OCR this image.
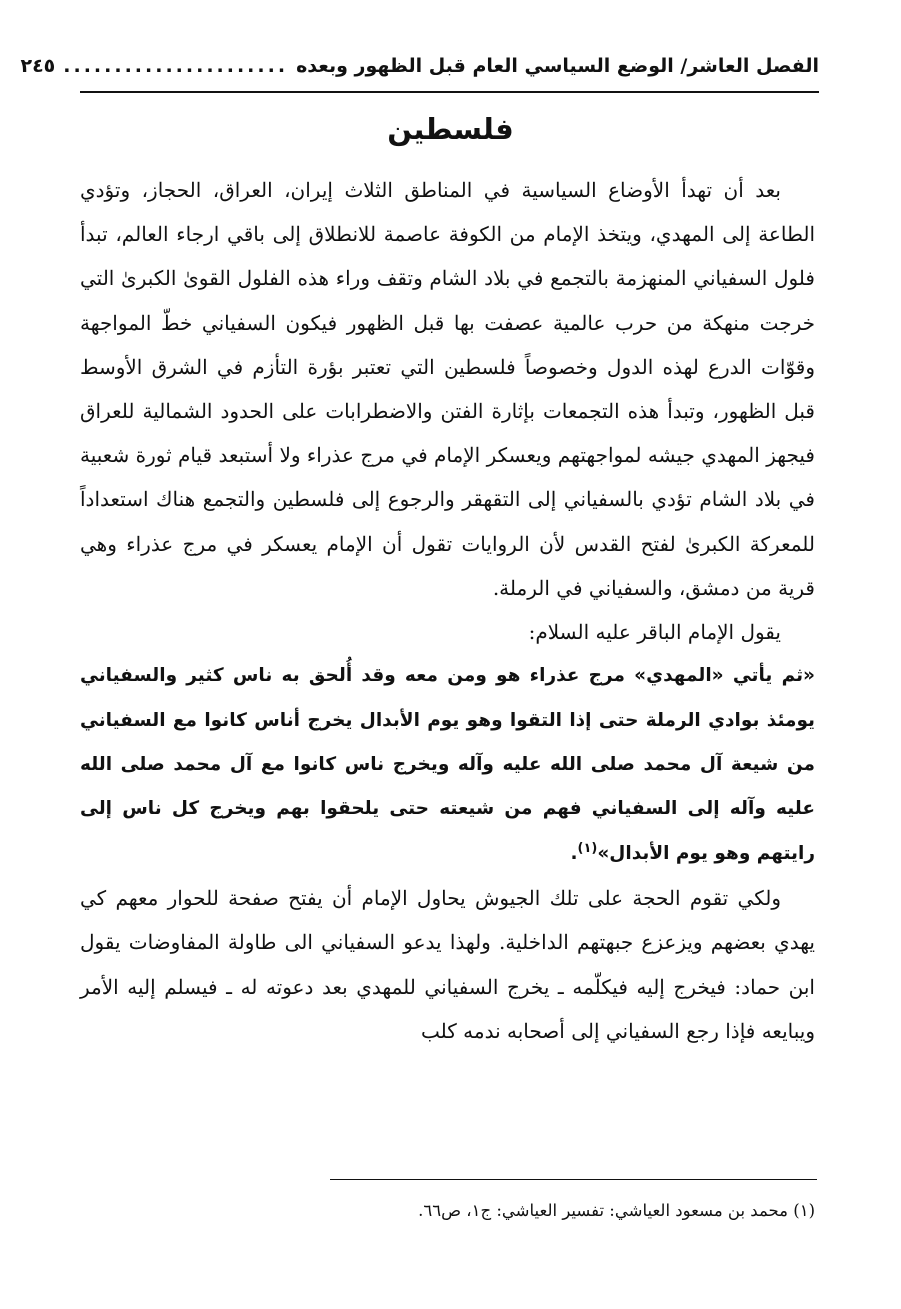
الفصل العاشر/ الوضع السياسي العام قبل الظهور وبعده
......................
٢٤٥
فلسطين

بعد أن تهدأ الأوضاع السياسية في المناطق الثلاث إيران، العراق، الحجاز، وتؤدي الطاعة إلى المهدي، ويتخذ الإمام من الكوفة عاصمة للانطلاق إلى باقي ارجاء العالم، تبدأ فلول السفياني المنهزمة بالتجمع في بلاد الشام وتقف وراء هذه الفلول القوىٰ الكبرىٰ التي خرجت منهكة من حرب عالمية عصفت بها قبل الظهور فيكون السفياني خطّ المواجهة وقوّات الدرع لهذه الدول وخصوصاً فلسطين التي تعتبر بؤرة التأزم في الشرق الأوسط قبل الظهور، وتبدأ هذه التجمعات بإثارة الفتن والاضطرابات على الحدود الشمالية للعراق فيجهز المهدي جيشه لمواجهتهم ويعسكر الإمام في مرج عذراء ولا أستبعد قيام ثورة شعبية في بلاد الشام تؤدي بالسفياني إلى التقهقر والرجوع إلى فلسطين والتجمع هناك استعداداً للمعركة الكبرىٰ لفتح القدس لأن الروايات تقول أن الإمام يعسكر في مرج عذراء وهي قرية من دمشق، والسفياني في الرملة.

يقول الإمام الباقر عليه السلام:

«ثم يأتي «المهدي» مرج عذراء هو ومن معه وقد أُلحق به ناس كثير والسفياني يومئذ بوادي الرملة حتى إذا التقوا وهو يوم الأبدال يخرج أناس كانوا مع السفياني من شيعة آل محمد صلى الله عليه وآله ويخرج ناس كانوا مع آل محمد صلى الله عليه وآله إلى السفياني فهم من شيعته حتى يلحقوا بهم ويخرج كل ناس إلى رايتهم وهو يوم الأبدال»$^{(١)}$.

ولكي تقوم الحجة على تلك الجيوش يحاول الإمام أن يفتح صفحة للحوار معهم كي يهدي بعضهم ويزعزع جبهتهم الداخلية. ولهذا يدعو السفياني الى طاولة المفاوضات يقول ابن حماد: فيخرج إليه فيكلّمه ـ يخرج السفياني للمهدي بعد دعوته له ـ فيسلم إليه الأمر ويبايعه فإذا رجع السفياني إلى أصحابه ندمه كلب

(١) محمد بن مسعود العياشي: تفسير العياشي: ج١، ص٦٦.
